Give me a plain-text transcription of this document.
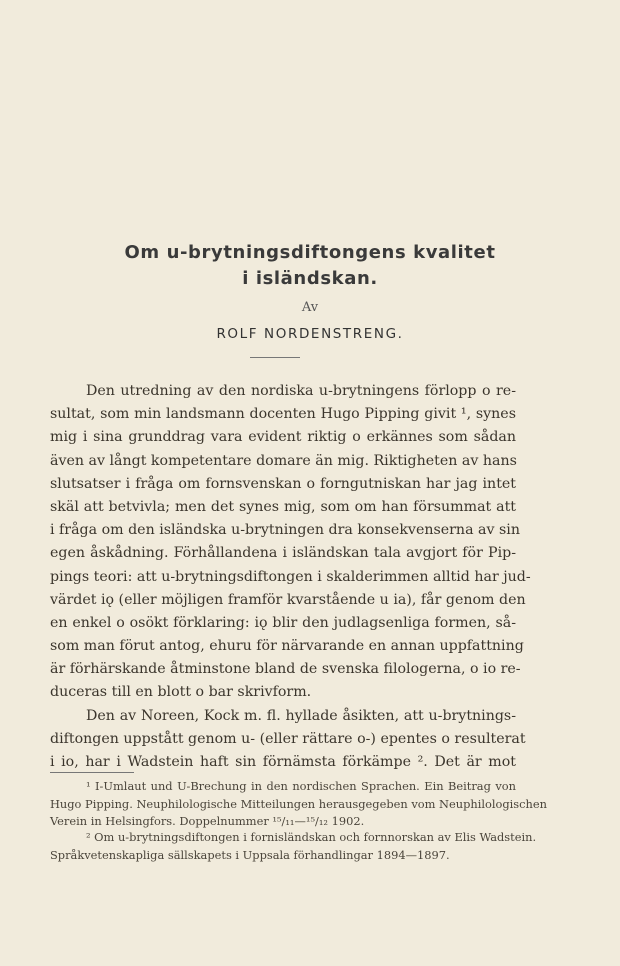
Om u-brytningsdiftongens kvalitet
i isländskan.
Av
ROLF NORDENSTRENG.
Den utredning av den nordiska u-brytningens förlopp o re-
sultat, som min landsmann docenten Hugo Pipping givit ¹, synes
mig i sina grunddrag vara evident riktig o erkännes som sådan
även av långt kompetentare domare än mig. Riktigheten av hans
slutsatser i fråga om fornsvenskan o forngutniskan har jag intet
skäl att betvivla; men det synes mig, som om han försummat att
i fråga om den isländska u-brytningen dra konsekvenserna av sin
egen åskådning. Förhållandena i isländskan tala avgjort för Pip-
pings teori: att u-brytningsdiftongen i skalderimmen alltid har jud-
värdet iǫ (eller möjligen framför kvarstående u ia), får genom den
en enkel o osökt förklaring: iǫ blir den judlagsenliga formen, så-
som man förut antog, ehuru för närvarande en annan uppfattning
är förhärskande åtminstone bland de svenska filologerna, o io re-
duceras till en blott o bar skrivform.
Den av Noreen, Kock m. fl. hyllade åsikten, att u-brytnings-
diftongen uppstått genom u- (eller rättare o-) epentes o resulterat
i io, har i Wadstein haft sin förnämsta förkämpe ². Det är mot
¹ I-Umlaut und U-Brechung in den nordischen Sprachen. Ein Beitrag von
Hugo Pipping. Neuphilologische Mitteilungen herausgegeben vom Neuphilologischen
Verein in Helsingfors. Doppelnummer ¹⁵/₁₁—¹⁵/₁₂ 1902.
² Om u-brytningsdiftongen i fornisländskan och fornnorskan av Elis Wadstein.
Språkvetenskapliga sällskapets i Uppsala förhandlingar 1894—1897.
